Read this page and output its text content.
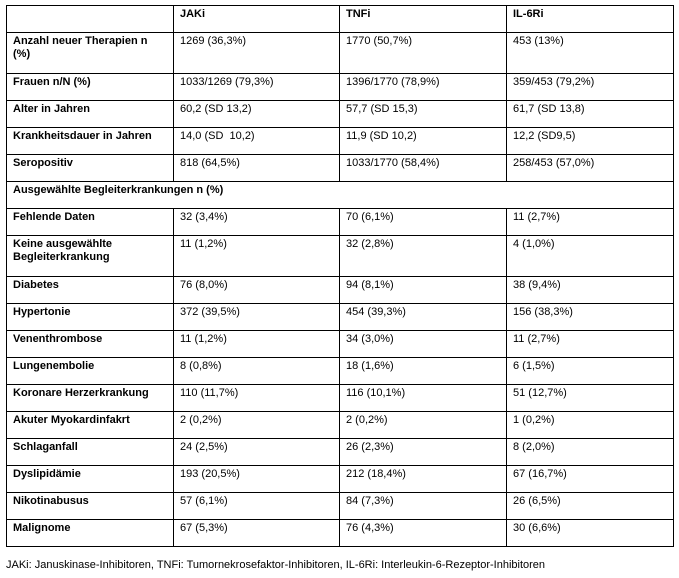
	JAKi	TNFi	IL-6Ri
Anzahl neuer Therapien n (%)	1269 (36,3%)	1770 (50,7%)	453 (13%)
Frauen n/N (%)	1033/1269 (79,3%)	1396/1770 (78,9%)	359/453 (79,2%)
Alter in Jahren	60,2 (SD 13,2)	57,7 (SD 15,3)	61,7 (SD 13,8)
Krankheitsdauer in Jahren	14,0 (SD  10,2)	11,9 (SD 10,2)	12,2 (SD9,5)
Seropositiv	818 (64,5%)	1033/1770 (58,4%)	258/453 (57,0%)
Ausgewählte Begleiterkrankungen n (%)			
Fehlende Daten	32 (3,4%)	70 (6,1%)	11 (2,7%)
Keine ausgewählte Begleiterkrankung	11 (1,2%)	32 (2,8%)	4 (1,0%)
Diabetes	76 (8,0%)	94 (8,1%)	38 (9,4%)
Hypertonie	372 (39,5%)	454 (39,3%)	156 (38,3%)
Venenthrombose	11 (1,2%)	34 (3,0%)	11 (2,7%)
Lungenembolie	8 (0,8%)	18 (1,6%)	6 (1,5%)
Koronare Herzerkrankung	110 (11,7%)	116 (10,1%)	51 (12,7%)
Akuter Myokardinfakrt	2 (0,2%)	2 (0,2%)	1 (0,2%)
Schlaganfall	24 (2,5%)	26 (2,3%)	8 (2,0%)
Dyslipidämie	193 (20,5%)	212 (18,4%)	67 (16,7%)
Nikotinabusus	57 (6,1%)	84 (7,3%)	26 (6,5%)
Malignome	67 (5,3%)	76 (4,3%)	30 (6,6%)
JAKi: Januskinase-Inhibitoren, TNFi: Tumornekrosefaktor-Inhibitoren, IL-6Ri: Interleukin-6-Rezeptor-Inhibitoren
